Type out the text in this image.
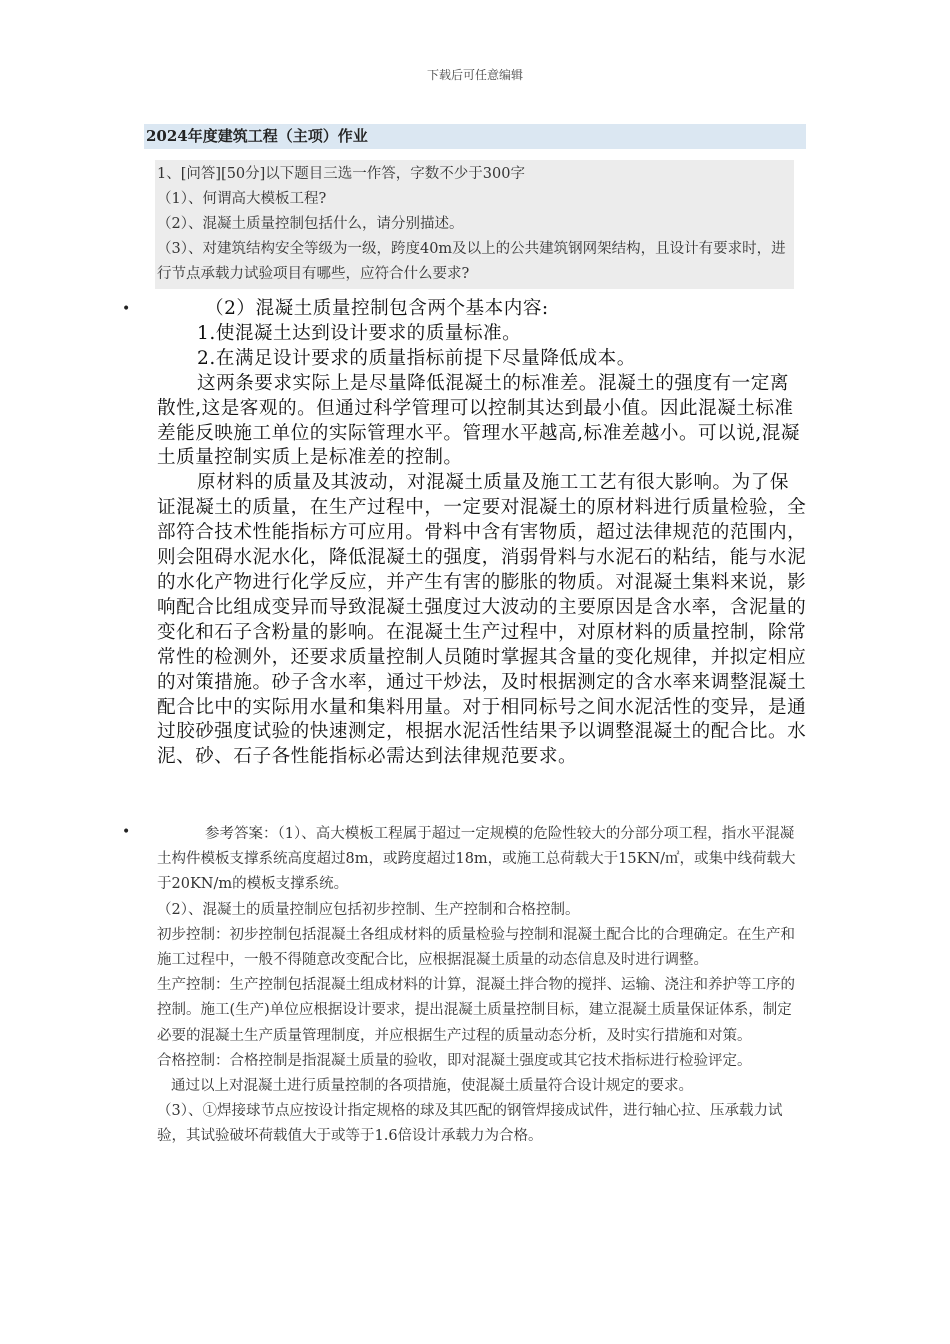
下载后可任意编辑
2024年度建筑工程（主项）作业

1、[问答][50分]以下题目三选一作答，字数不少于300字

（1）、何谓高大模板工程?

（2）、混凝土质量控制包括什么，请分别描述。

（3）、对建筑结构安全等级为一级，跨度40m及以上的公共建筑钢网架结构，且设计有要求时，进行节点承载力试验项目有哪些，应符合什么要求?

•	（2）混凝土质量控制包含两个基本内容:

1.使混凝土达到设计要求的质量标准。

2.在满足设计要求的质量指标前提下尽量降低成本。

这两条要求实际上是尽量降低混凝土的标准差。混凝土的强度有一定离散性,这是客观的。但通过科学管理可以控制其达到最小值。因此混凝土标准差能反映施工单位的实际管理水平。管理水平越高,标准差越小。可以说,混凝土质量控制实质上是标准差的控制。

原材料的质量及其波动，对混凝土质量及施工工艺有很大影响。为了保证混凝土的质量，在生产过程中，一定要对混凝土的原材料进行质量检验，全部符合技术性能指标方可应用。骨料中含有害物质，超过法律规范的范围内，则会阻碍水泥水化，降低混凝土的强度，消弱骨料与水泥石的粘结，能与水泥的水化产物进行化学反应，并产生有害的膨胀的物质。对混凝土集料来说，影响配合比组成变异而导致混凝土强度过大波动的主要原因是含水率，含泥量的变化和石子含粉量的影响。在混凝土生产过程中，对原材料的质量控制，除常常性的检测外，还要求质量控制人员随时掌握其含量的变化规律，并拟定相应的对策措施。砂子含水率，通过干炒法，及时根据测定的含水率来调整混凝土配合比中的实际用水量和集料用量。对于相同标号之间水泥活性的变异，是通过胶砂强度试验的快速测定，根据水泥活性结果予以调整混凝土的配合比。水泥、砂、石子各性能指标必需达到法律规范要求。

•	参考答案：（1）、高大模板工程属于超过一定规模的危险性较大的分部分项工程，指水平混凝土构件模板支撑系统高度超过8m，或跨度超过18m，或施工总荷载大于15KN/㎡，或集中线荷载大于20KN/m的模板支撑系统。

（2）、混凝土的质量控制应包括初步控制、生产控制和合格控制。

初步控制：初步控制包括混凝土各组成材料的质量检验与控制和混凝土配合比的合理确定。在生产和施工过程中，一般不得随意改变配合比，应根据混凝土质量的动态信息及时进行调整。

生产控制：生产控制包括混凝土组成材料的计算，混凝土拌合物的搅拌、运输、浇注和养护等工序的控制。施工(生产)单位应根据设计要求，提出混凝土质量控制目标，建立混凝土质量保证体系，制定必要的混凝土生产质量管理制度，并应根据生产过程的质量动态分析，及时实行措施和对策。

合格控制：合格控制是指混凝土质量的验收，即对混凝土强度或其它技术指标进行检验评定。

通过以上对混凝土进行质量控制的各项措施，使混凝土质量符合设计规定的要求。

（3）、①焊接球节点应按设计指定规格的球及其匹配的钢管焊接成试件，进行轴心拉、压承载力试验，其试验破坏荷载值大于或等于1.6倍设计承载力为合格。
